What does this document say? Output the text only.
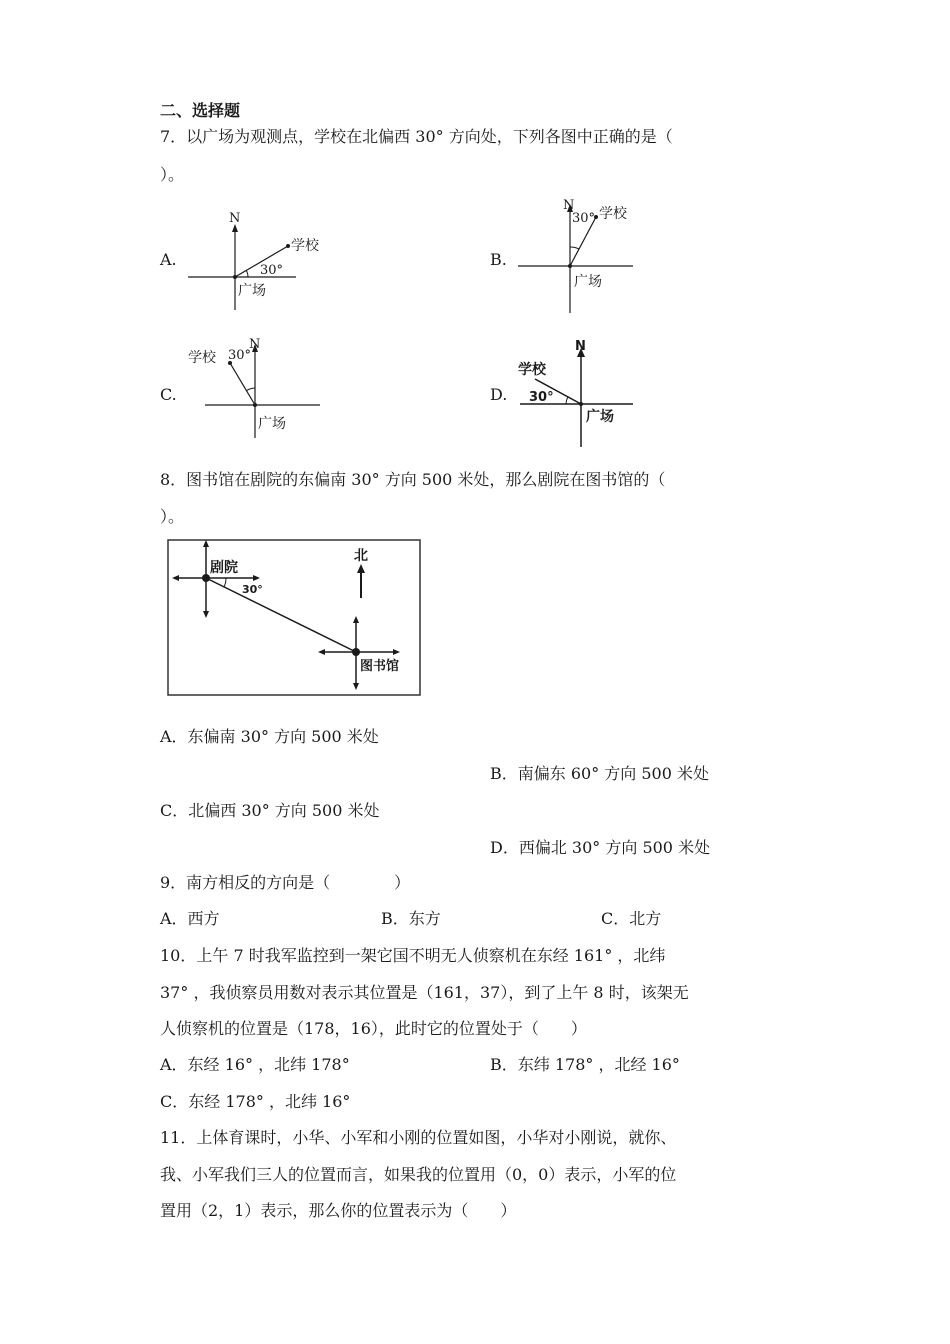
二、选择题
7．以广场为观测点，学校在北偏西 30° 方向处，下列各图中正确的是（
）。
A.
N
学校
30°
广场
B.
N
30° 学校
广场
C.
N
学校 30°
广场
D.
N
学校
30°
广场
8．图书馆在剧院的东偏南 30° 方向 500 米处，那么剧院在图书馆的（
）。
剧院
30°
北
图书馆
A．东偏南 30° 方向 500 米处
B．南偏东 60° 方向 500 米处
C．北偏西 30° 方向 500 米处
D．西偏北 30° 方向 500 米处
9．南方相反的方向是（　　　　）
A．西方	B．东方	C．北方
10．上午 7 时我军监控到一架它国不明无人侦察机在东经 161° ，北纬
37° ，我侦察员用数对表示其位置是（161，37），到了上午 8 时，该架无
人侦察机的位置是（178，16），此时它的位置处于（　　）
A．东经 16° ，北纬 178°	B．东纬 178° ，北经 16°
C．东经 178° ，北纬 16°
11．上体育课时，小华、小军和小刚的位置如图，小华对小刚说，就你、
我、小军我们三人的位置而言，如果我的位置用（0，0）表示，小军的位
置用（2，1）表示，那么你的位置表示为（　　）
